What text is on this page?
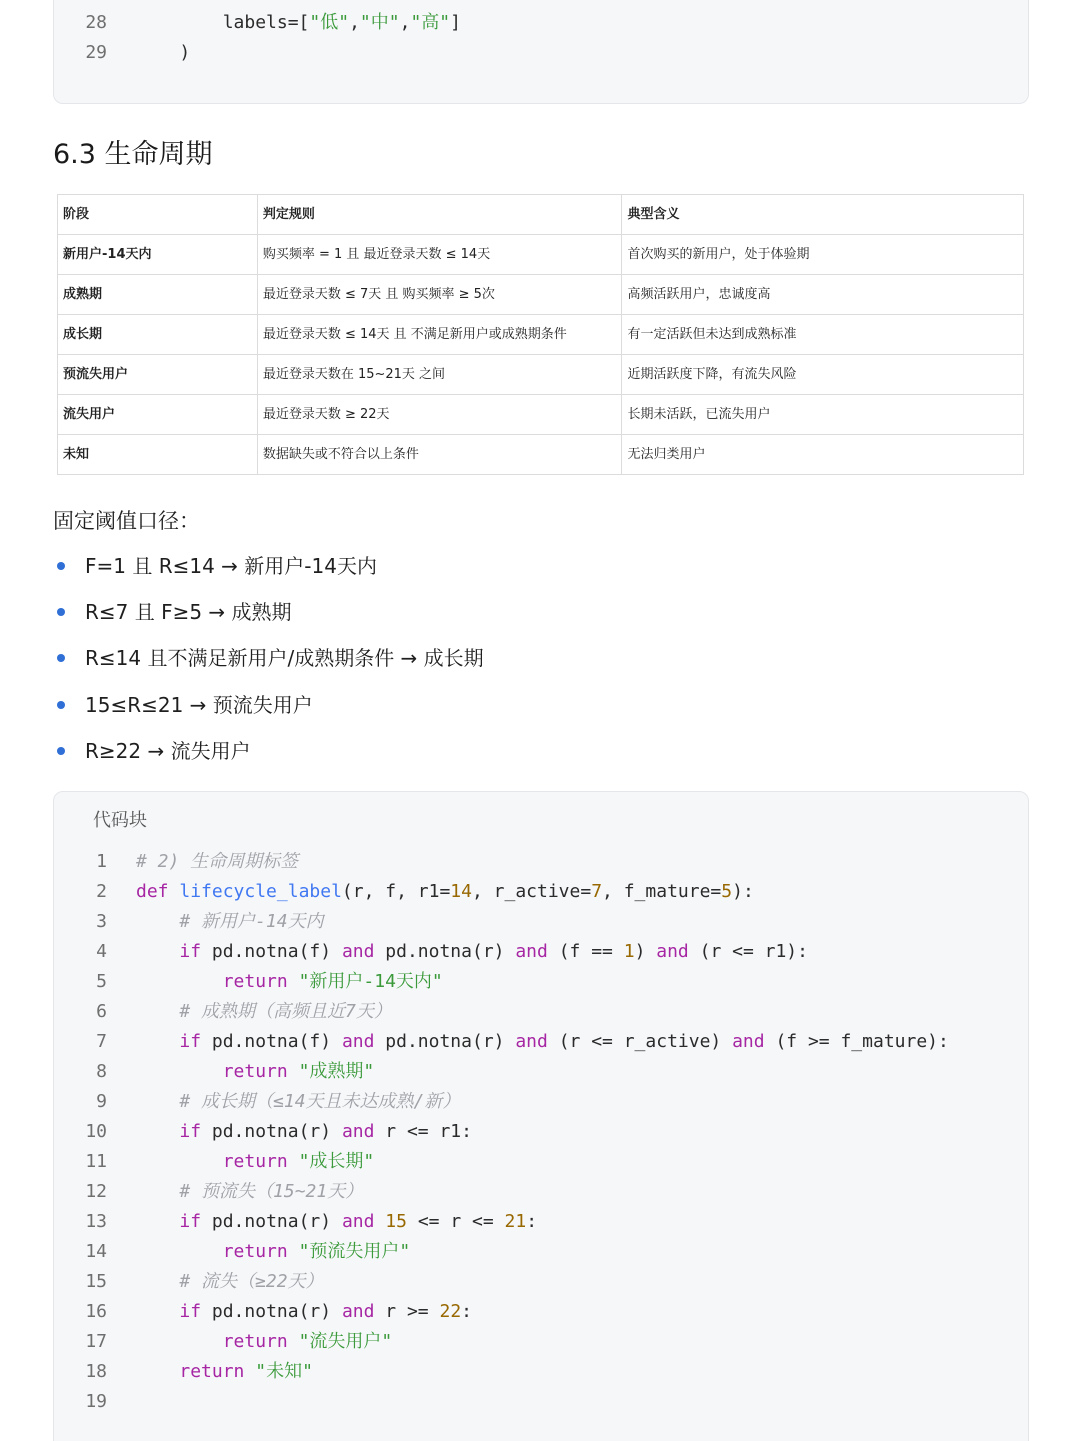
28        labels=["低","中","高"]
29    )
6.3 生命周期
阶段	判定规则	典型含义
新用户-14天内	购买频率 = 1 且 最近登录天数 ≤ 14天	首次购买的新用户，处于体验期
成熟期	最近登录天数 ≤ 7天 且 购买频率 ≥ 5次	高频活跃用户，忠诚度高
成长期	最近登录天数 ≤ 14天 且 不满足新用户或成熟期条件	有一定活跃但未达到成熟标准
预流失用户	最近登录天数在 15~21天 之间	近期活跃度下降，有流失风险
流失用户	最近登录天数 ≥ 22天	长期未活跃，已流失用户
未知	数据缺失或不符合以上条件	无法归类用户
固定阈值口径：
F=1 且 R≤14 → 新用户-14天内
R≤7 且 F≥5 → 成熟期
R≤14 且不满足新用户/成熟期条件 → 成长期
15≤R≤21 → 预流失用户
R≥22 → 流失用户
代码块
1 # 2) 生命周期标签
2 def lifecycle_label(r, f, r1=14, r_active=7, f_mature=5):
3	# 新用户-14天内
4	if pd.notna(f) and pd.notna(r) and (f == 1) and (r <= r1):
5	return "新用户-14天内"
6	# 成熟期（高频且近7天）
7	if pd.notna(f) and pd.notna(r) and (r <= r_active) and (f >= f_mature):
8	return "成熟期"
9	# 成长期（≤14天且未达成熟/新）
10	if pd.notna(r) and r <= r1:
11	return "成长期"
12	# 预流失（15~21天）
13	if pd.notna(r) and 15 <= r <= 21:
14	return "预流失用户"
15	# 流失（≥22天）
16	if pd.notna(r) and r >= 22:
17	return "流失用户"
18	return "未知"
19
